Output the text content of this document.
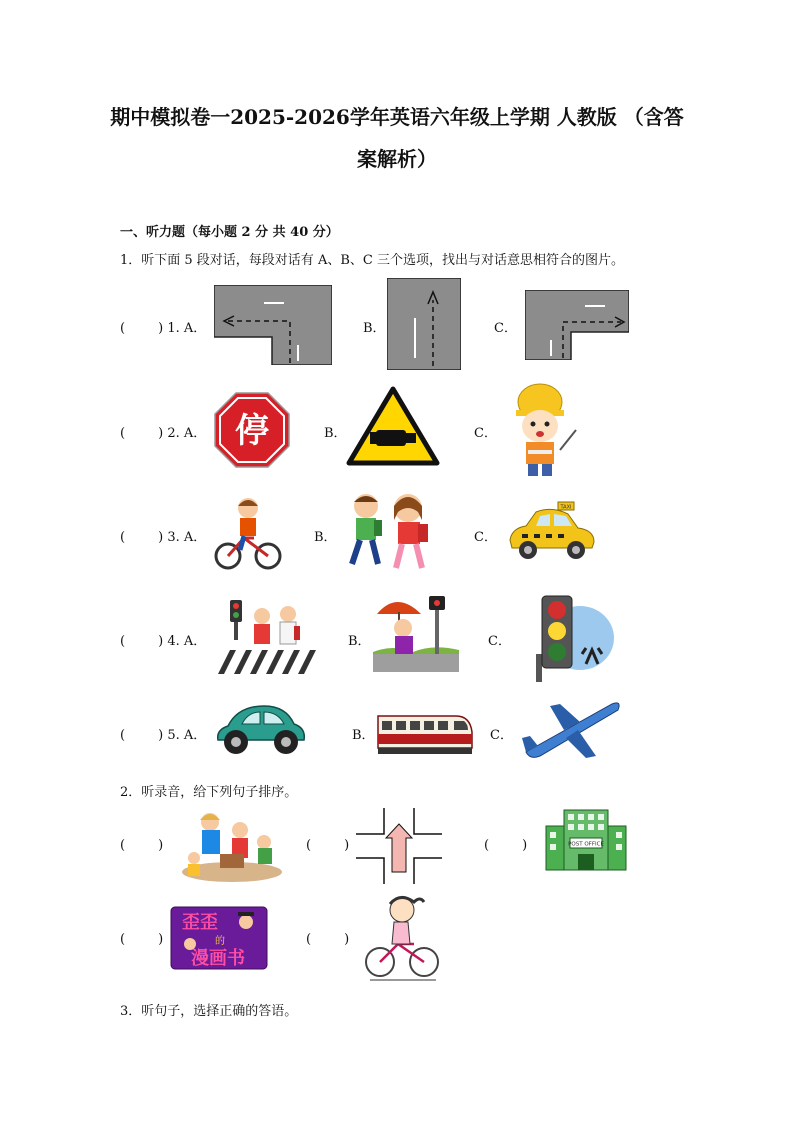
期中模拟卷一2025-2026学年英语六年级上学期 人教版 （含答
案解析）
一、听力题（每小题 2 分 共 40 分）
1．听下面 5 段对话，每段对话有 A、B、C 三个选项，找出与对话意思相符合的图片。
(        ) 1. A．	B．	C．
(        ) 2. A． 停	B．	C．
(        ) 3. A．	B．	C．
TAXI
(        ) 4. A．	B．	C．
(        ) 5. A．	B．	C．
2．听录音，给下列句子排序。
(        )	(        )	(        )	POST OFFICE
(        )
歪歪
的
漫画书
(        )
3．听句子，选择正确的答语。
